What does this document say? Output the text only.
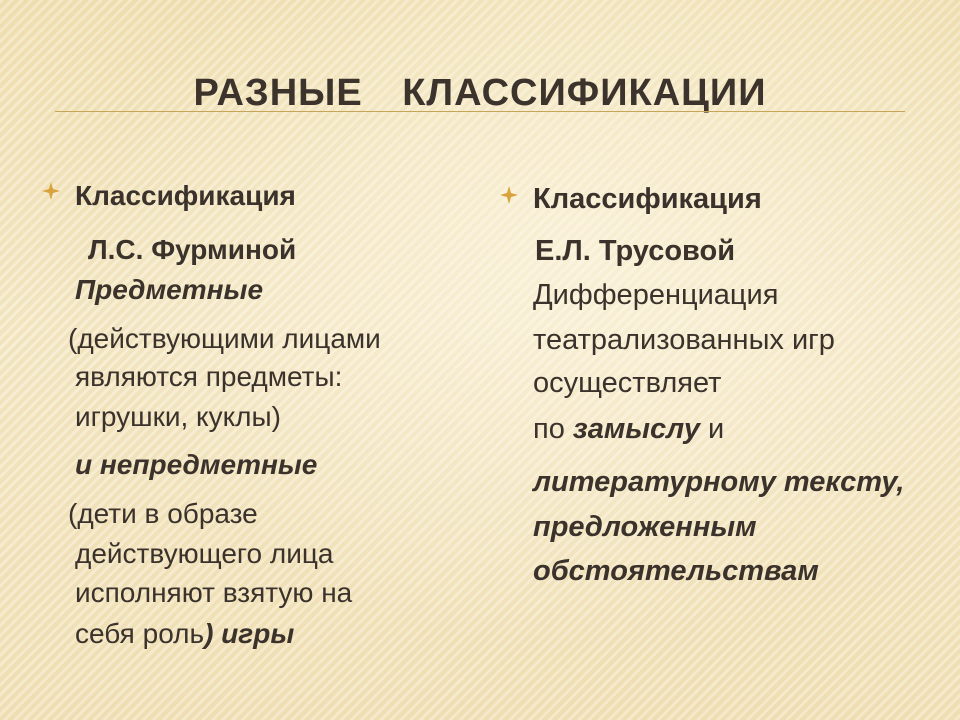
РАЗНЫЕ КЛАССИФИКАЦИИ
Классификация
Л.С. Фурминой
Предметные
(действующими лицами
являются предметы:
игрушки, куклы)
и непредметные
(дети в образе
действующего лица
исполняют взятую на
себя роль) игры
Классификация
Е.Л. Трусовой
Дифференциация
театрализованных игр
осуществляет
по замыслу и
литературному тексту,
предложенным
обстоятельствам
